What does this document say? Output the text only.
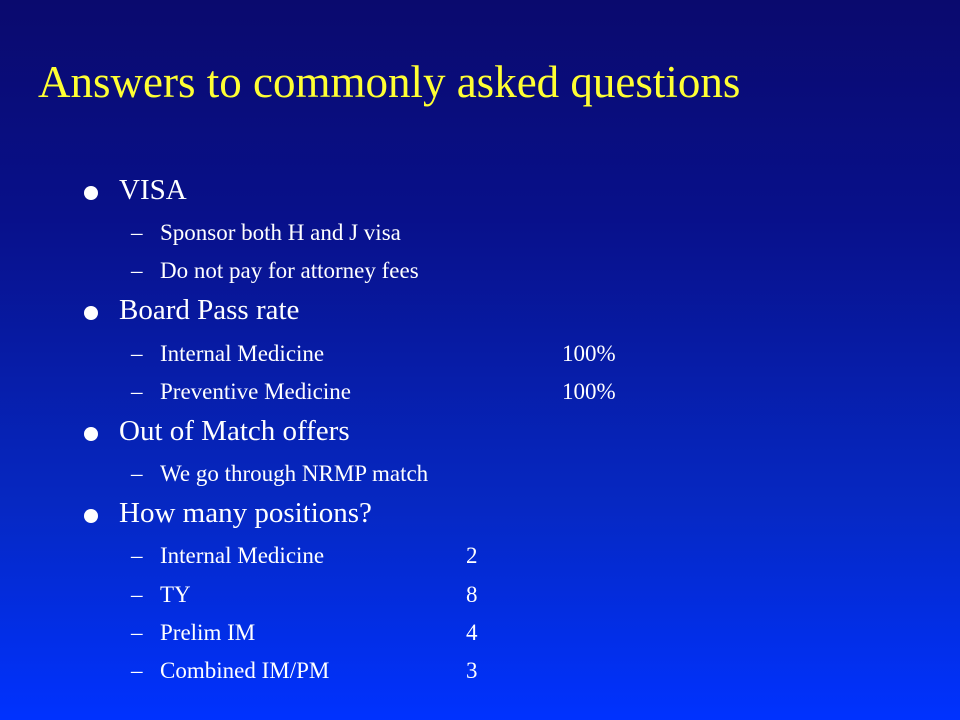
Answers to commonly asked questions
VISA
– Sponsor both H and J visa
– Do not pay for attorney fees
Board Pass rate
– Internal Medicine	100%
– Preventive Medicine	100%
Out of Match offers
– We go through NRMP match
How many positions?
– Internal Medicine	2
– TY	8
– Prelim IM	4
– Combined IM/PM	3
